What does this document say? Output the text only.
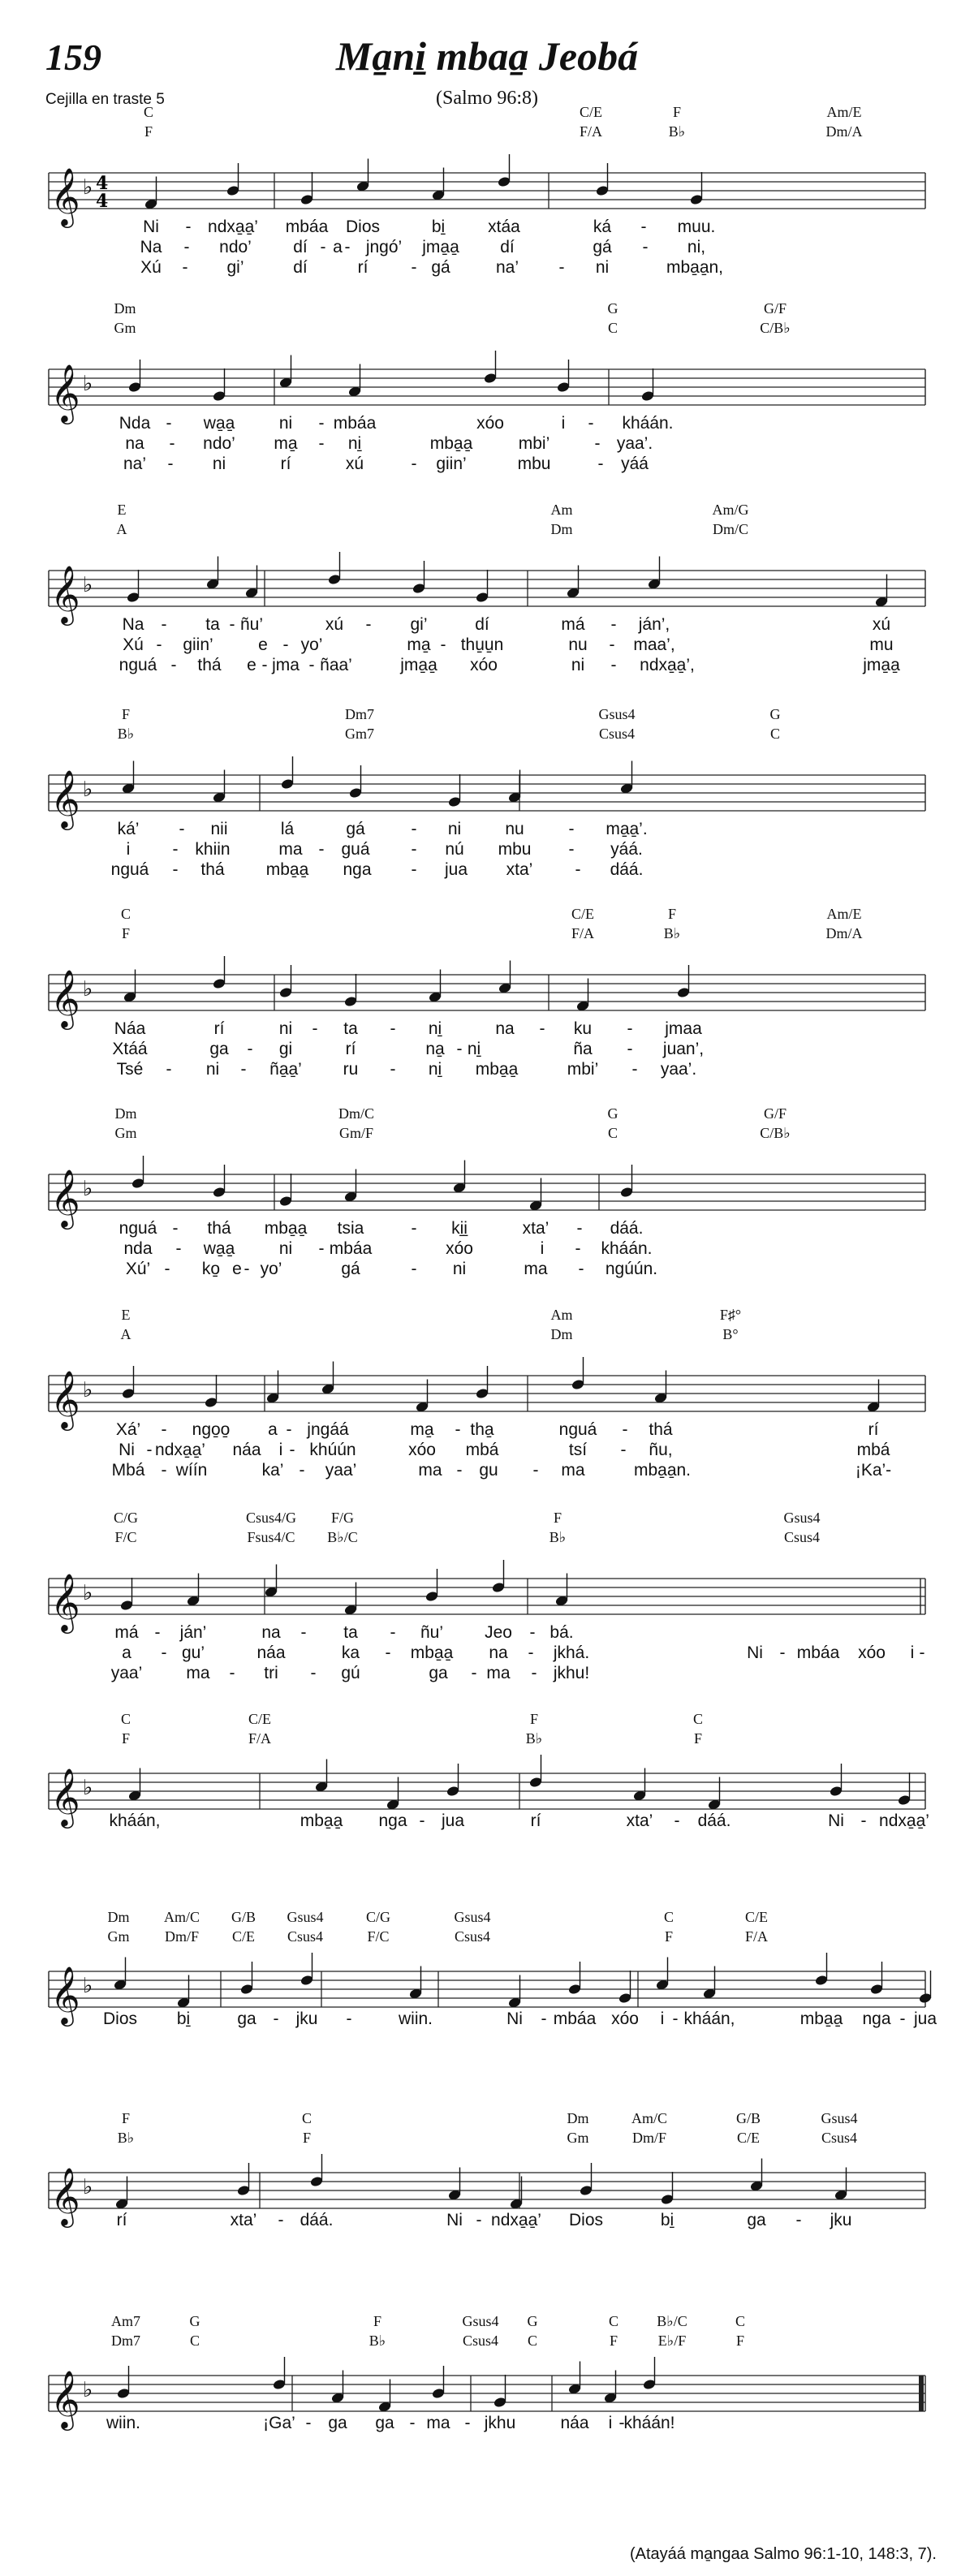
159	Ma̱ni̱ mbaa̱ Jeobá
(Salmo 96:8)
Cejilla en traste 5
C
F
C/E
F/A
F
B♭
Am/E
Dm/A
𝄞 ♭ 4
4
Ni - ndxa̱a̱’ mbáa Dios	bi̱	xtáa	ká - muu.
Na - ndo’ dí - a - jngó’ jma̱a̱ dí	gá - ni,
Xú - gi’	dí	rí	- gá	na’ - ni	mba̱a̱n,
Dm
Gm
G
C
G/F
C/B♭
𝄞 ♭
Nda - wa̱a̱	ni - mbáa	xóo	i - kháán.
na - ndo’ ma̱ - ni̱	mba̱a̱	mbi’	- yaa’.
na’ - ni	rí	xú	- giin’	mbu	- yáá
E
A
Am
Dm
Am/G
Dm/C
𝄞 ♭
Na - ta - ñu’	xú - gi’	dí	má - ján’,	xú
Xú - giin’	e - yo’	ma̱ - thu̱u̱n	nu - maa’,	mu
nguá - thá e - jma - ñaa’	jma̱a̱ xóo	ni - ndxa̱a̱’,	jma̱a̱
F
B♭
Dm7
Gm7
Gsus4
Csus4
G
C
𝄞 ♭
ká’ - nii	lá	gá	- ni	nu	- ma̱a̱’.
i - khiin	ma - guá - nú mbu - yáá.
nguá - thá mba̱a̱ nga - jua xta’ - dáá.
C
F
C/E
F/A
F
B♭
Am/E
Dm/A
𝄞 ♭
Náa	rí	ni - ta - ni̱	na - ku - jmaa
Xtáá	ga - gi	rí	na̱ - ni̱	ña - juan’,
Tsé - ni - ña̱a̱’ ru - ni̱ mba̱a̱	mbi’ - yaa’.
Dm
Gm
Dm/C
Gm/F
G
C
G/F
C/B♭
𝄞 ♭
nguá - thá mba̱a̱ tsia	- ki̱i̱	xta’ - dáá.
nda - wa̱a̱	ni - mbáa	xóo	i - kháán.
Xú’ - ko̱ e - yo’	gá	- ni	ma - ngúún.
E
A
Am
Dm
F♯°
B°
𝄞 ♭
Xá’ - ngo̱o̱ a - jngáá	ma̱ - tha̱	nguá - thá	rí
Ni - ndxa̱a̱’ náa i - khúún	xóo mbá	tsí - ñu,	mbá
Mbá - wíín	ka’ - yaa’	ma - gu - ma	mba̱a̱n.	¡Ka’-
C/G
F/C
Csus4/G
Fsus4/C
F/G
B♭/C
F
B♭
Gsus4
Csus4
𝄞 ♭
má - ján’	na - ta - ñu’ Jeo - bá.
a - gu’	náa	ka - mba̱a̱ na - jkhá.	Ni - mbáa xóo i -
yaa’	ma - tri - gú	ga - ma - jkhu!
C
F
C/E
F/A
F
B♭
C
F
𝄞 ♭
kháán,	mba̱a̱ nga - jua	rí	xta’ - dáá.	Ni - ndxa̱a̱’
Dm
Gm
Am/C
Dm/F
G/B
C/E
Gsus4
Csus4
C/G
F/C
Gsus4
Csus4
C
F
C/E
F/A
𝄞 ♭
Dios bi̱	ga - jku -	wiin.	Ni - mbáa xóo i - kháán,	mba̱a̱ nga - jua
F
B♭
C
F
Dm
Gm
Am/C
Dm/F
G/B
C/E
Gsus4
Csus4
𝄞 ♭
rí	xta’ - dáá.	Ni - ndxa̱a̱’ Dios	bi̱	ga - jku
Am7
Dm7
G
C
F
B♭
Gsus4
Csus4
G
C
C
F
B♭/C
E♭/F
C
F
𝄞 ♭
wiin.	¡Ga’ - ga ga - ma - jkhu	náa i -
kháán!
(Atayáá ma̱ngaa Salmo 96:1-10, 148:3, 7).
